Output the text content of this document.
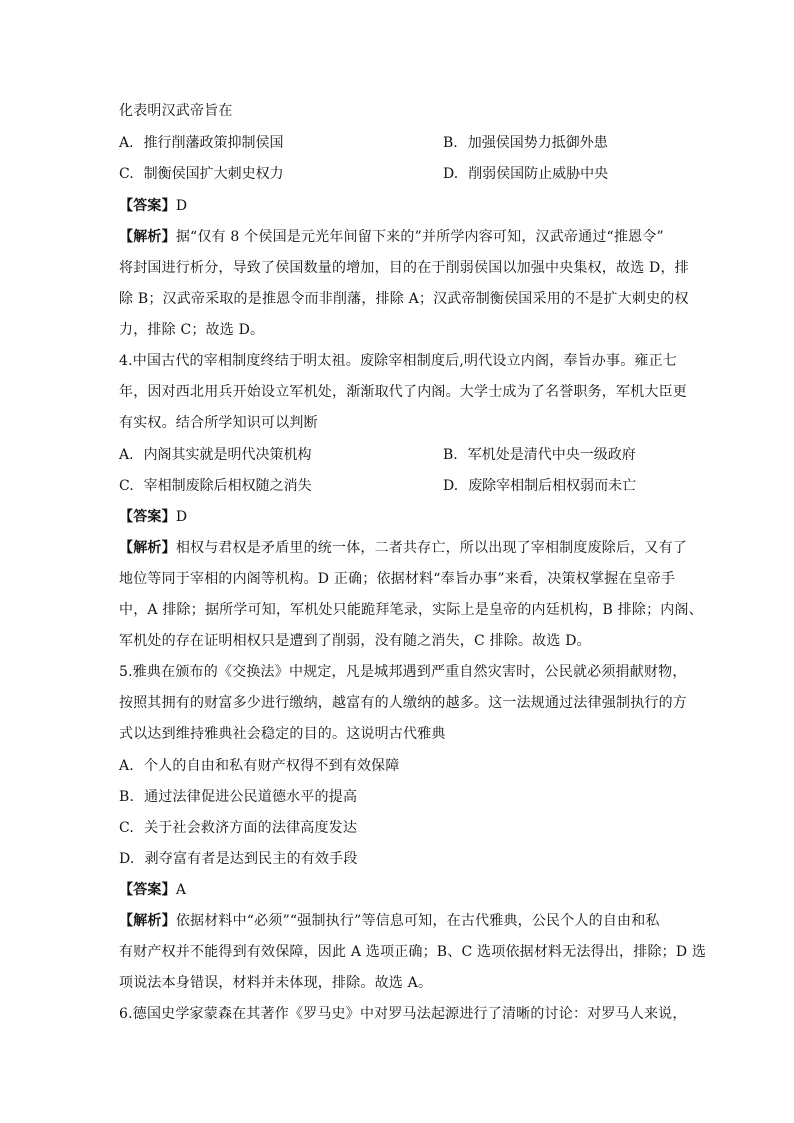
化表明汉武帝旨在
A. 推行削藩政策抑制侯国	B. 加强侯国势力抵御外患
C. 制衡侯国扩大刺史权力	D. 削弱侯国防止威胁中央
【答案】D
【解析】据“仅有 8 个侯国是元光年间留下来的”并所学内容可知，汉武帝通过“推恩令”
将封国进行析分，导致了侯国数量的增加，目的在于削弱侯国以加强中央集权，故选 D，排
除 B；汉武帝采取的是推恩令而非削藩，排除 A；汉武帝制衡侯国采用的不是扩大刺史的权
力，排除 C；故选 D。
4.中国古代的宰相制度终结于明太祖。废除宰相制度后,明代设立内阁，奉旨办事。雍正七
年，因对西北用兵开始设立军机处，渐渐取代了内阁。大学士成为了名誉职务，军机大臣更
有实权。结合所学知识可以判断
A. 内阁其实就是明代决策机构	B. 军机处是清代中央一级政府
C. 宰相制废除后相权随之消失	D. 废除宰相制后相权弱而未亡
【答案】D
【解析】相权与君权是矛盾里的统一体，二者共存亡，所以出现了宰相制度废除后，又有了
地位等同于宰相的内阁等机构。D 正确；依据材料“奉旨办事”来看，决策权掌握在皇帝手
中，A 排除；据所学可知，军机处只能跪拜笔录，实际上是皇帝的内廷机构，B 排除；内阁、
军机处的存在证明相权只是遭到了削弱，没有随之消失，C 排除。故选 D。
5.雅典在颁布的《交换法》中规定，凡是城邦遇到严重自然灾害时，公民就必须捐献财物，
按照其拥有的财富多少进行缴纳，越富有的人缴纳的越多。这一法规通过法律强制执行的方
式以达到维持雅典社会稳定的目的。这说明古代雅典
A. 个人的自由和私有财产权得不到有效保障
B. 通过法律促进公民道德水平的提高
C. 关于社会救济方面的法律高度发达
D. 剥夺富有者是达到民主的有效手段
【答案】A
【解析】依据材料中“必须”“强制执行”等信息可知，在古代雅典，公民个人的自由和私
有财产权并不能得到有效保障，因此 A 选项正确；B、C 选项依据材料无法得出，排除；D 选
项说法本身错误，材料并未体现，排除。故选 A。
6.德国史学家蒙森在其著作《罗马史》中对罗马法起源进行了清晰的讨论：对罗马人来说，
